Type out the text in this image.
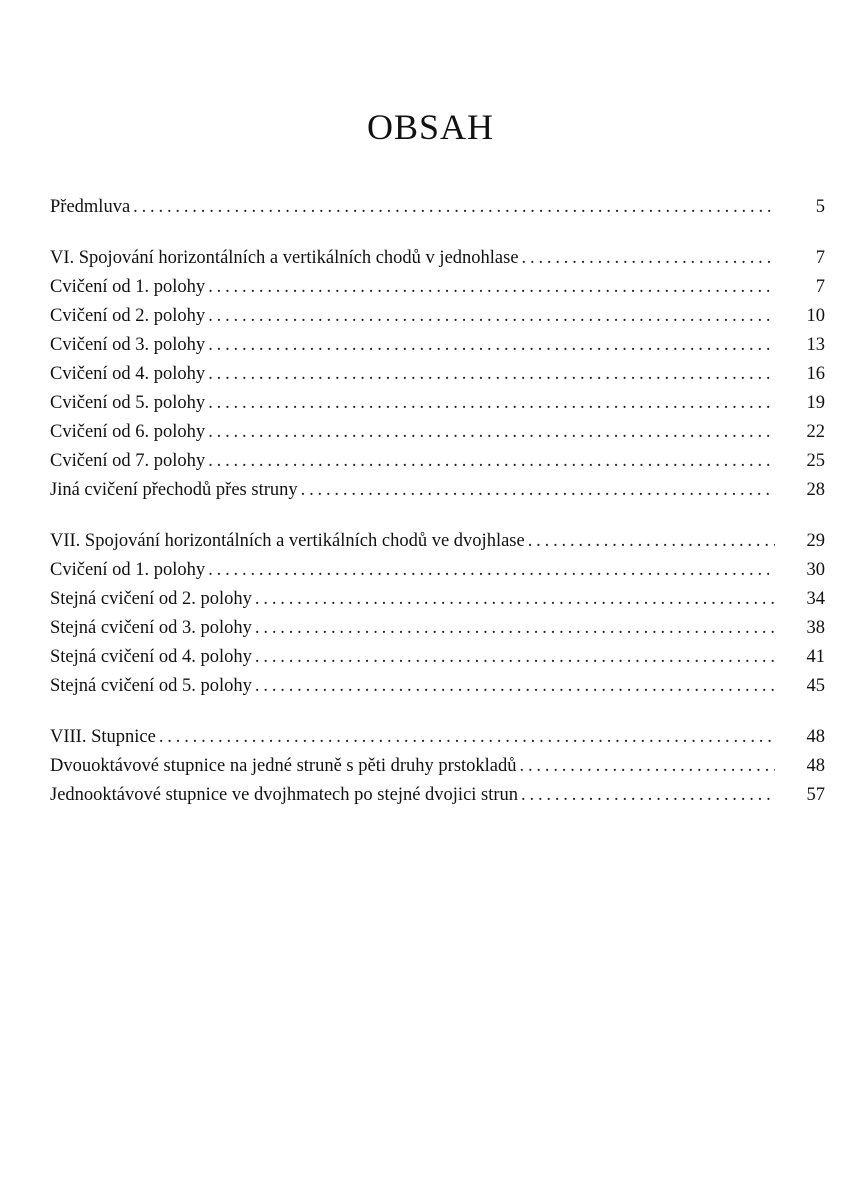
OBSAH
Předmluva . . .	5
VI. Spojování horizontálních a vertikálních chodů v jednohlase . . .	7
Cvičení od 1. polohy . . .	7
Cvičení od 2. polohy . . .	10
Cvičení od 3. polohy . . .	13
Cvičení od 4. polohy . . .	16
Cvičení od 5. polohy . . .	19
Cvičení od 6. polohy . . .	22
Cvičení od 7. polohy . . .	25
Jiná cvičení přechodů přes struny . . .	28
VII. Spojování horizontálních a vertikálních chodů ve dvojhlase . . .	29
Cvičení od 1. polohy . . .	30
Stejná cvičení od 2. polohy . . .	34
Stejná cvičení od 3. polohy . . .	38
Stejná cvičení od 4. polohy . . .	41
Stejná cvičení od 5. polohy . . .	45
VIII. Stupnice . . .	48
Dvouoktávové stupnice na jedné struně s pěti druhy prstokladů . . .	48
Jednooktávové stupnice ve dvojhmatech po stejné dvojici strun . . .	57
